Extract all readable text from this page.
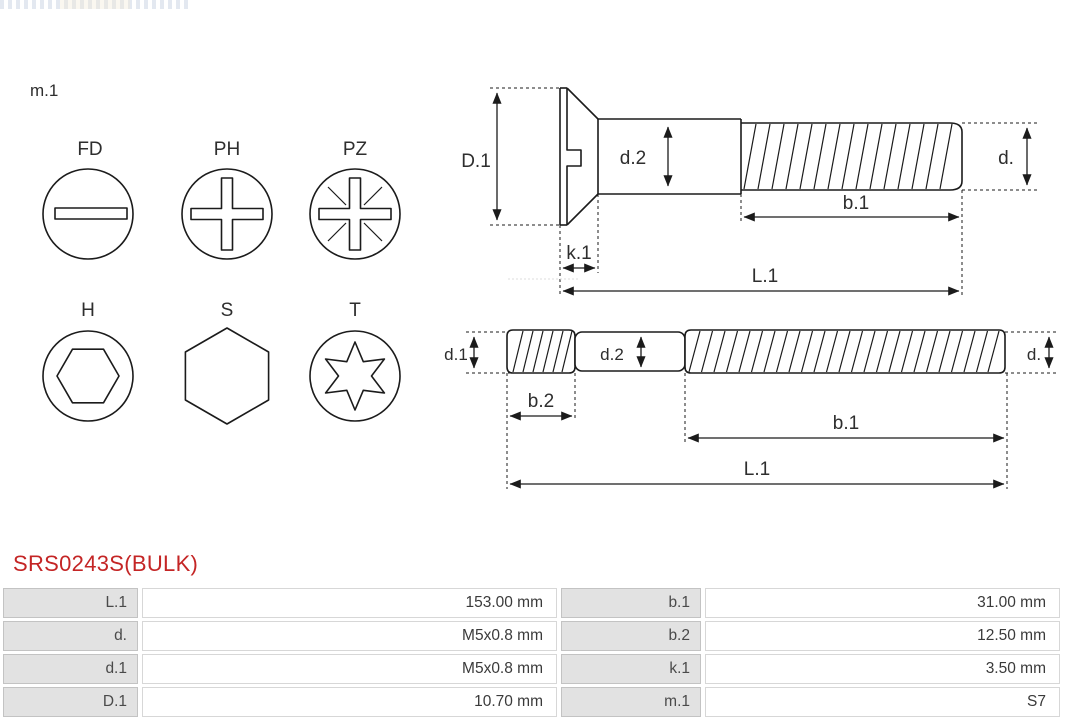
m.1
FD	PH	PZ
H	S	T
D.1	d.2	d.
k.1
b.1
L.1
d.1	d.2	d.
b.2
b.1
L.1
SRS0243S(BULK)
L.1	153.00 mm	b.1	31.00 mm
d.	M5x0.8 mm	b.2	12.50 mm
d.1	M5x0.8 mm	k.1	3.50 mm
D.1	10.70 mm	m.1	S7
